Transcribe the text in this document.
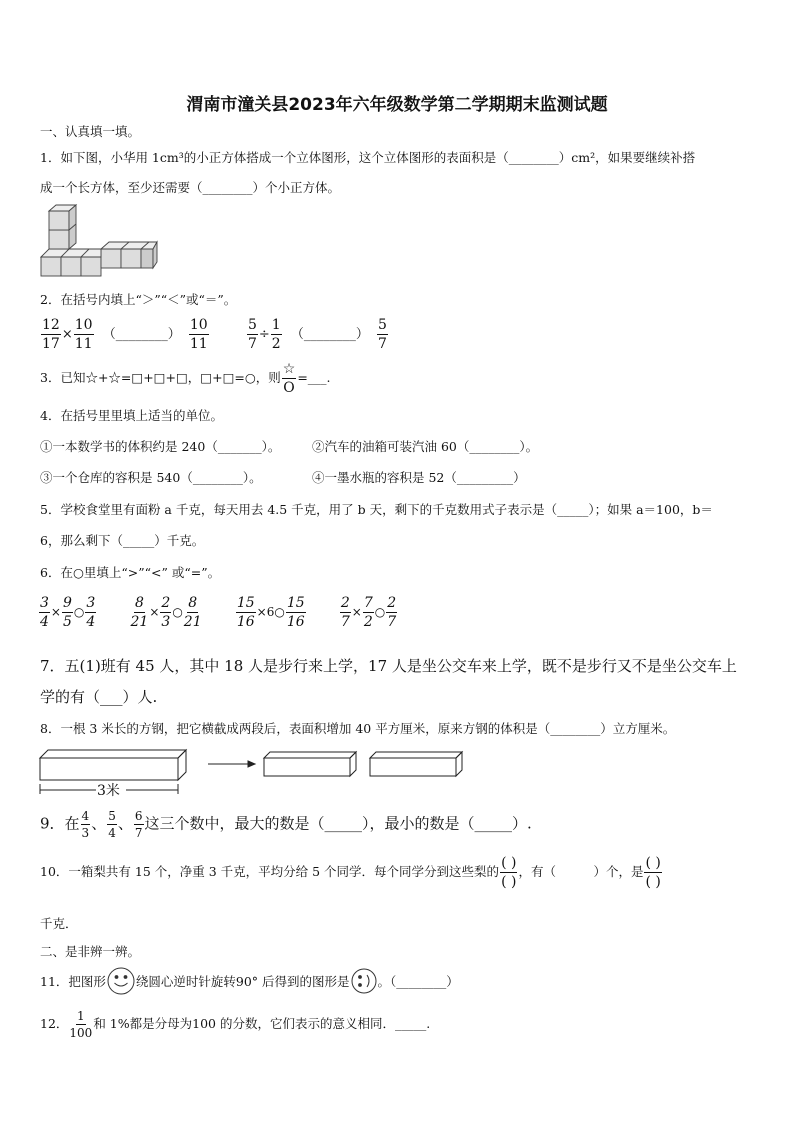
渭南市潼关县2023年六年级数学第二学期期末监测试题
一、认真填一填。
1．如下图，小华用 1cm³的小正方体搭成一个立体图形，这个立体图形的表面积是（________）cm²，如果要继续补搭
成一个长方体，至少还需要（________）个小正方体。
2．在括号内填上“＞”“＜”或“＝”。
$\frac{12}{17} \times \frac{10}{11}$ （________） $\frac{10}{11}$
	$\frac{5}{7} \div \frac{1}{2}$ （________） $\frac{5}{7}$
3．已知☆+☆=□+□+□，□+□=○，则 $\frac{☆}{O}$ =___.
4．在括号里里填上适当的单位。
①一本数学书的体积约是 240（_______）。	②汽车的油箱可装汽油 60（________）。
③一个仓库的容积是 540（________）。	④一墨水瓶的容积是 52（_________）
5．学校食堂里有面粉 a 千克，每天用去 4.5 千克，用了 b 天，剩下的千克数用式子表示是（_____）；如果 a＝100，b＝
6，那么剩下（_____）千克。
6．在○里填上“>”“<” 或“=”。
$\frac{3}{4} \times \frac{9}{5}$ ○ $\frac{3}{4}$
$\frac{8}{21} \times \frac{2}{3}$ ○ $\frac{8}{21}$
$\frac{15}{16}$ ×6○ $\frac{15}{16}$
$\frac{2}{7} \times \frac{7}{2}$ ○ $\frac{2}{7}$
7．五(1)班有 45 人，其中 18 人是步行来上学，17 人是坐公交车来上学，既不是步行又不是坐公交车上
学的有（___）人.
8．一根 3 米长的方钢，把它横截成两段后，表面积增加 40 平方厘米，原来方钢的体积是（________）立方厘米。
3米
9．在 $\frac{4}{3}$ 、 $\frac{5}{4}$ 、 $\frac{6}{7}$ 这三个数中，最大的数是（_____），最小的数是（_____）.
10．一箱梨共有 15 个，净重 3 千克，平均分给 5 个同学．每个同学分到这些梨的 $\frac{( )}{( )}$ ，有（　　　）个，是 $\frac{( )}{( )}$
千克．
二、是非辨一辨。
11．把图形 绕圆心逆时针旋转90° 后得到的图形是 。（________）
12． $\frac{1}{100}$ 和 1%都是分母为100 的分数，它们表示的意义相同．_____.
